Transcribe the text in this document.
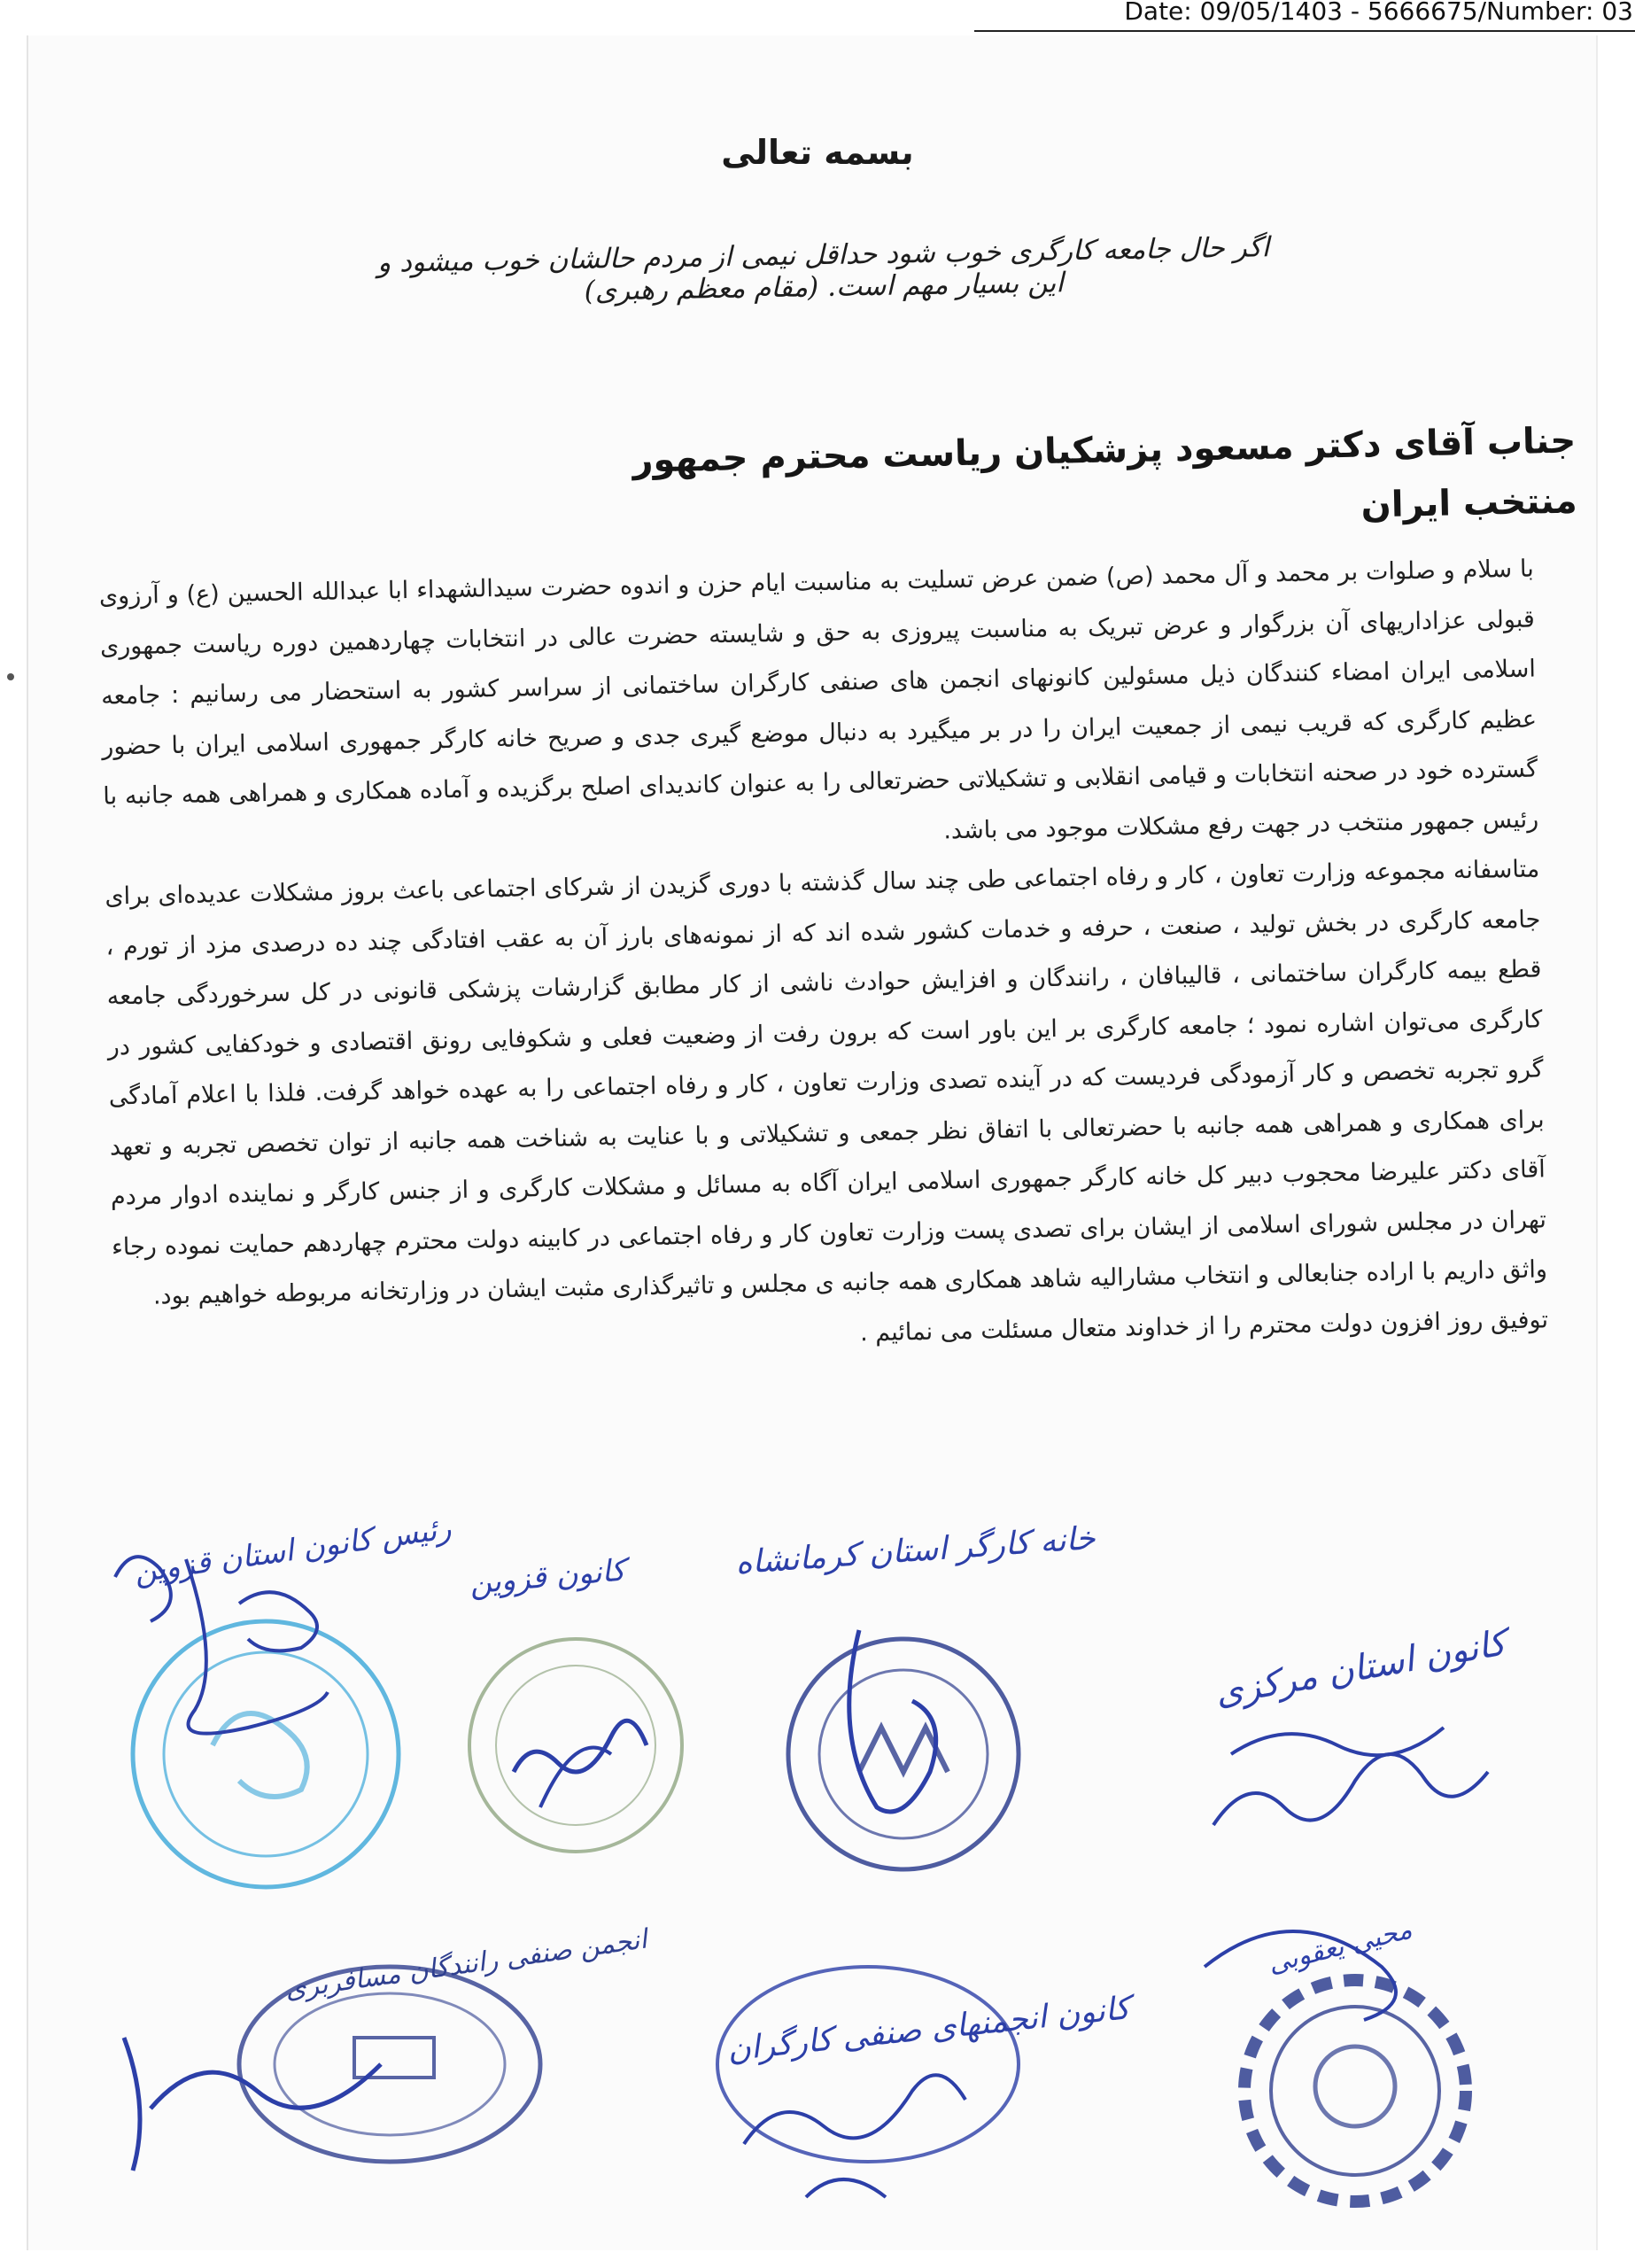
Date: 09/05/1403 - 5666675/Number: 03
بسمه تعالی
اگر حال جامعه کارگری خوب شود حداقل نیمی از مردم حالشان خوب میشود و این بسیار مهم است. (مقام معظم رهبری)
جناب آقای دکتر مسعود پزشکیان ریاست محترم جمهور منتخب ایران

با سلام و صلوات بر محمد و آل محمد (ص) ضمن عرض تسلیت به مناسبت ایام حزن و اندوه حضرت سیدالشهداء ابا عبدالله الحسین (ع) و آرزوی قبولی عزاداریهای آن بزرگوار و عرض تبریک به مناسبت پیروزی به حق و شایسته حضرت عالی در انتخابات چهاردهمین دوره ریاست جمهوری اسلامی ایران امضاء کنندگان ذیل مسئولین کانونهای انجمن های صنفی کارگران ساختمانی از سراسر کشور به استحضار می رسانیم : جامعه عظیم کارگری که قریب نیمی از جمعیت ایران را در بر میگیرد به دنبال موضع گیری جدی و صریح خانه کارگر جمهوری اسلامی ایران با حضور گسترده خود در صحنه انتخابات و قیامی انقلابی و تشکیلاتی حضرتعالی را به عنوان کاندیدای اصلح برگزیده و آماده همکاری و همراهی همه جانبه با رئیس جمهور منتخب در جهت رفع مشکلات موجود می باشد.

متاسفانه مجموعه وزارت تعاون ، کار و رفاه اجتماعی طی چند سال گذشته با دوری گزیدن از شرکای اجتماعی باعث بروز مشکلات عدیده‌ای برای جامعه کارگری در بخش تولید ، صنعت ، حرفه و خدمات کشور شده اند که از نمونه‌های بارز آن به عقب افتادگی چند ده درصدی مزد از تورم ، قطع بیمه کارگران ساختمانی ، قالیبافان ، رانندگان و افزایش حوادث ناشی از کار مطابق گزارشات پزشکی قانونی در کل سرخوردگی جامعه کارگری می‌توان اشاره نمود ؛ جامعه کارگری بر این باور است که برون رفت از وضعیت فعلی و شکوفایی رونق اقتصادی و خودکفایی کشور در گرو تجربه تخصص و کار آزمودگی فردیست که در آینده تصدی وزارت تعاون ، کار و رفاه اجتماعی را به عهده خواهد گرفت. فلذا با اعلام آمادگی برای همکاری و همراهی همه جانبه با حضرتعالی با اتفاق نظر جمعی و تشکیلاتی و با عنایت به شناخت همه جانبه از توان تخصص تجربه و تعهد آقای دکتر علیرضا محجوب دبیر کل خانه کارگر جمهوری اسلامی ایران آگاه به مسائل و مشکلات کارگری و از جنس کارگر و نماینده ادوار مردم تهران در مجلس شورای اسلامی از ایشان برای تصدی پست وزارت تعاون کار و رفاه اجتماعی در کابینه دولت محترم چهاردهم حمایت نموده رجاء واثق داریم با اراده جنابعالی و انتخاب مشارالیه شاهد همکاری همه جانبه ی مجلس و تاثیرگذاری مثبت ایشان در وزارتخانه مربوطه خواهیم بود.

توفیق روز افزون دولت محترم را از خداوند متعال مسئلت می نمائیم .

رئیس کانون استان قزوین کانون قزوین	خانه کارگر استان کرمانشاه
کانون استان مرکزی
انجمن صنفی رانندگان مسافربری
کانون انجمنهای صنفی کارگران
محیی یعقوبی
